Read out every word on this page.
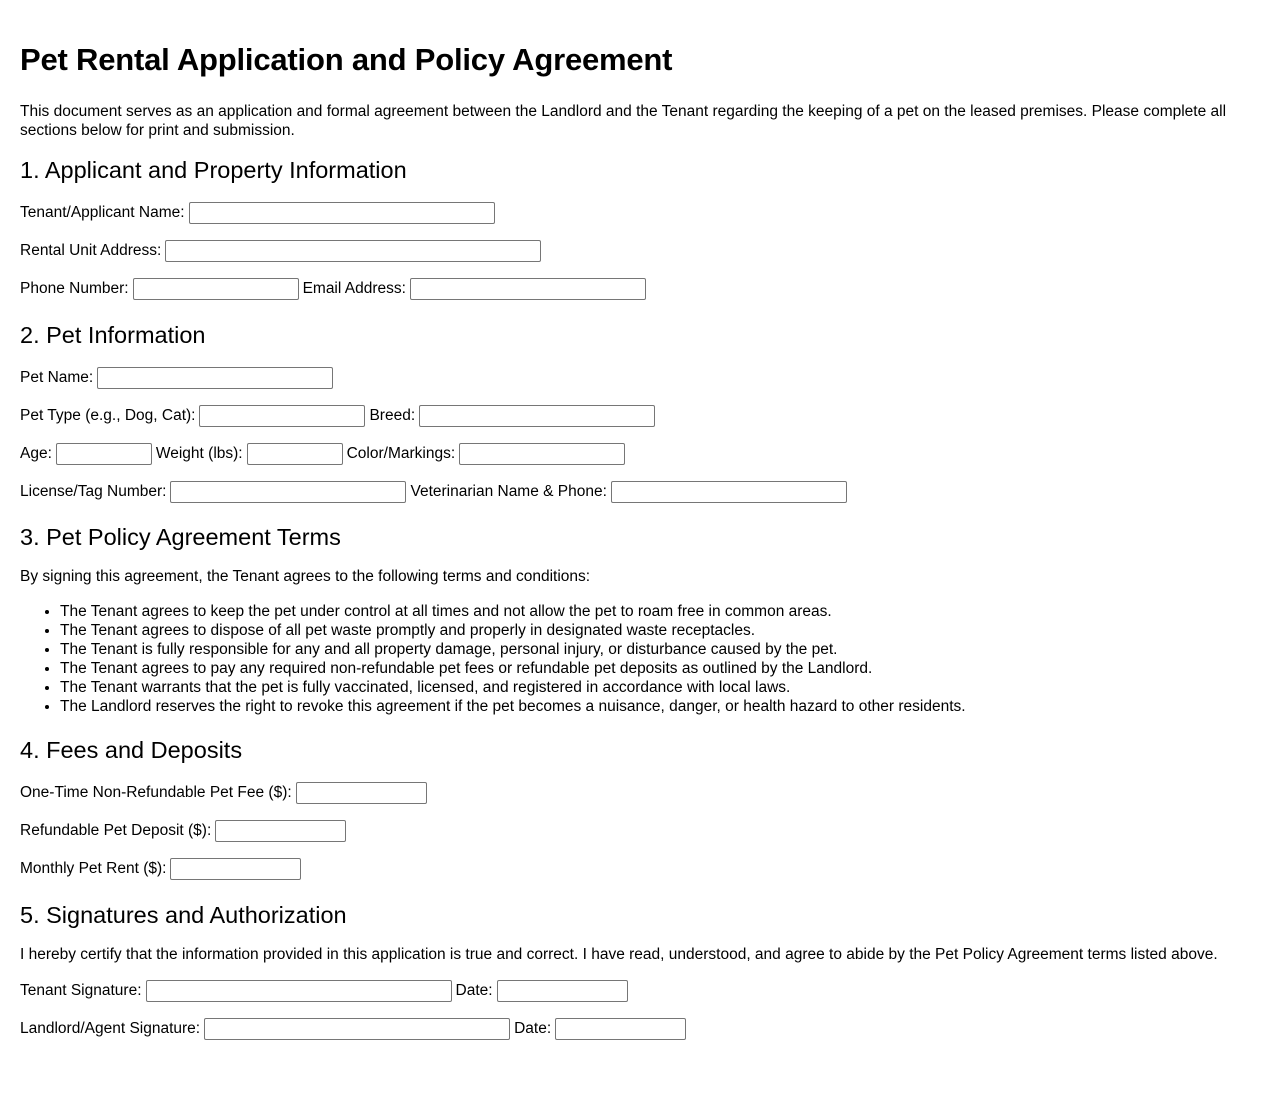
Pet Rental Application and Policy Agreement

This document serves as an application and formal agreement between the Landlord and the Tenant regarding the keeping of a pet on the leased premises. Please complete all sections below for print and submission.

1. Applicant and Property Information
Tenant/Applicant Name:
Rental Unit Address:
Phone Number:	Email Address:
2. Pet Information
Pet Name:
Pet Type (e.g., Dog, Cat):	Breed:
Age:	Weight (lbs):	Color/Markings:
License/Tag Number:	Veterinarian Name & Phone:
3. Pet Policy Agreement Terms

By signing this agreement, the Tenant agrees to the following terms and conditions:

• The Tenant agrees to keep the pet under control at all times and not allow the pet to roam free in common areas.
• The Tenant agrees to dispose of all pet waste promptly and properly in designated waste receptacles.
• The Tenant is fully responsible for any and all property damage, personal injury, or disturbance caused by the pet.
• The Tenant agrees to pay any required non-refundable pet fees or refundable pet deposits as outlined by the Landlord.
• The Tenant warrants that the pet is fully vaccinated, licensed, and registered in accordance with local laws.
• The Landlord reserves the right to revoke this agreement if the pet becomes a nuisance, danger, or health hazard to other residents.
4. Fees and Deposits
One-Time Non-Refundable Pet Fee ($):
Refundable Pet Deposit ($):
Monthly Pet Rent ($):
5. Signatures and Authorization

I hereby certify that the information provided in this application is true and correct. I have read, understood, and agree to abide by the Pet Policy Agreement terms listed above.

Tenant Signature:	Date:
Landlord/Agent Signature:	Date:
